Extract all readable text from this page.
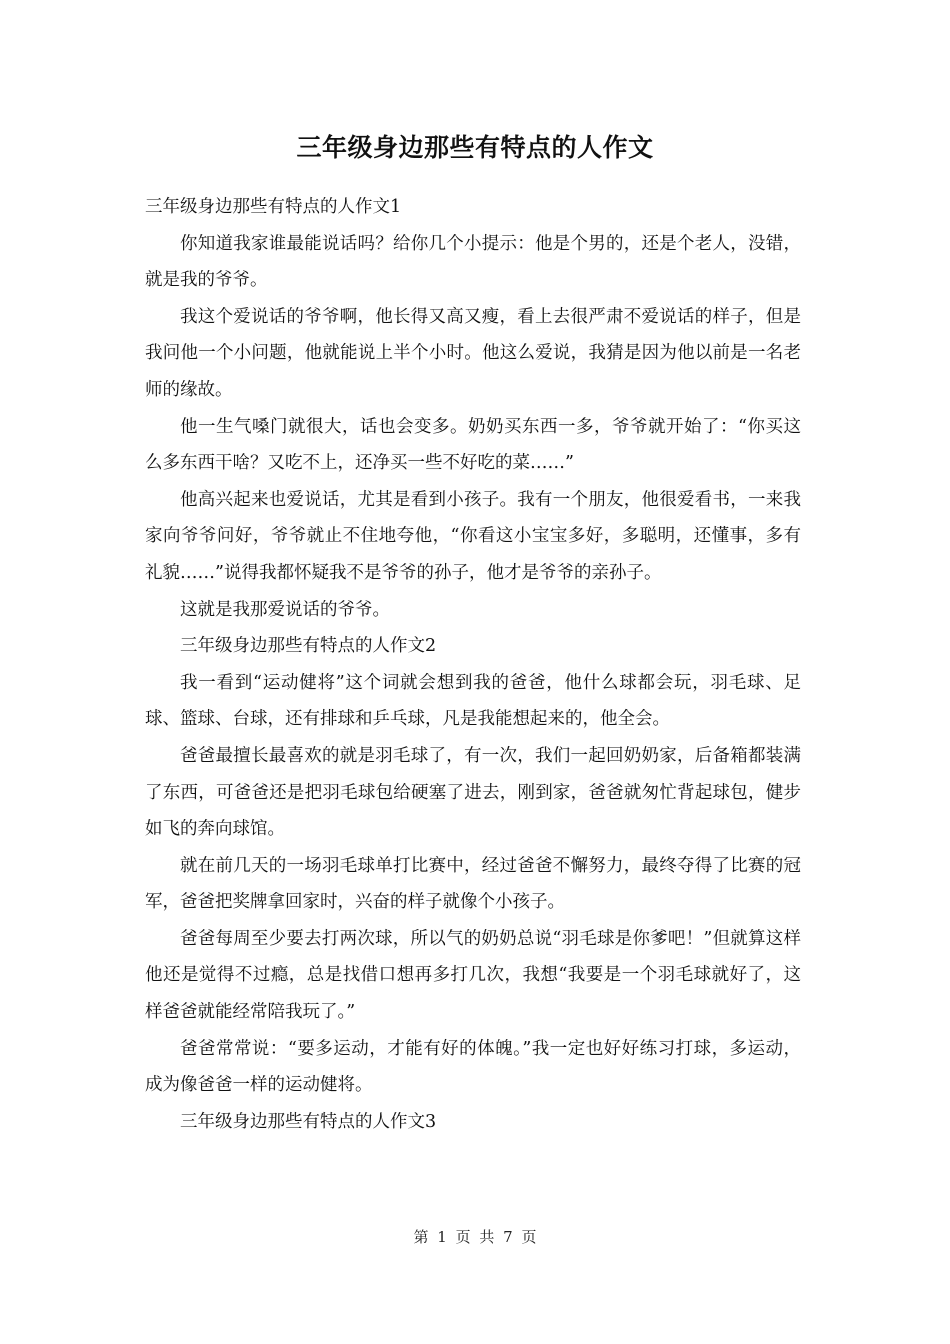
三年级身边那些有特点的人作文

三年级身边那些有特点的人作文1

你知道我家谁最能说话吗？给你几个小提示：他是个男的，还是个老人，没错，就是我的爷爷。

我这个爱说话的爷爷啊，他长得又高又瘦，看上去很严肃不爱说话的样子，但是我问他一个小问题，他就能说上半个小时。他这么爱说，我猜是因为他以前是一名老师的缘故。

他一生气嗓门就很大，话也会变多。奶奶买东西一多，爷爷就开始了：“你买这么多东西干啥？又吃不上，还净买一些不好吃的菜……”

他高兴起来也爱说话，尤其是看到小孩子。我有一个朋友，他很爱看书，一来我家向爷爷问好，爷爷就止不住地夸他，“你看这小宝宝多好，多聪明，还懂事，多有礼貌……”说得我都怀疑我不是爷爷的孙子，他才是爷爷的亲孙子。

这就是我那爱说话的爷爷。

三年级身边那些有特点的人作文2

我一看到“运动健将”这个词就会想到我的爸爸，他什么球都会玩，羽毛球、足球、篮球、台球，还有排球和乒乓球，凡是我能想起来的，他全会。

爸爸最擅长最喜欢的就是羽毛球了，有一次，我们一起回奶奶家，后备箱都装满了东西，可爸爸还是把羽毛球包给硬塞了进去，刚到家，爸爸就匆忙背起球包，健步如飞的奔向球馆。

就在前几天的一场羽毛球单打比赛中，经过爸爸不懈努力，最终夺得了比赛的冠军，爸爸把奖牌拿回家时，兴奋的样子就像个小孩子。

爸爸每周至少要去打两次球，所以气的奶奶总说“羽毛球是你爹吧！”但就算这样他还是觉得不过瘾，总是找借口想再多打几次，我想“我要是一个羽毛球就好了，这样爸爸就能经常陪我玩了。”

爸爸常常说：“要多运动，才能有好的体魄。”我一定也好好练习打球，多运动，成为像爸爸一样的运动健将。

三年级身边那些有特点的人作文3

第 1 页 共 7 页
